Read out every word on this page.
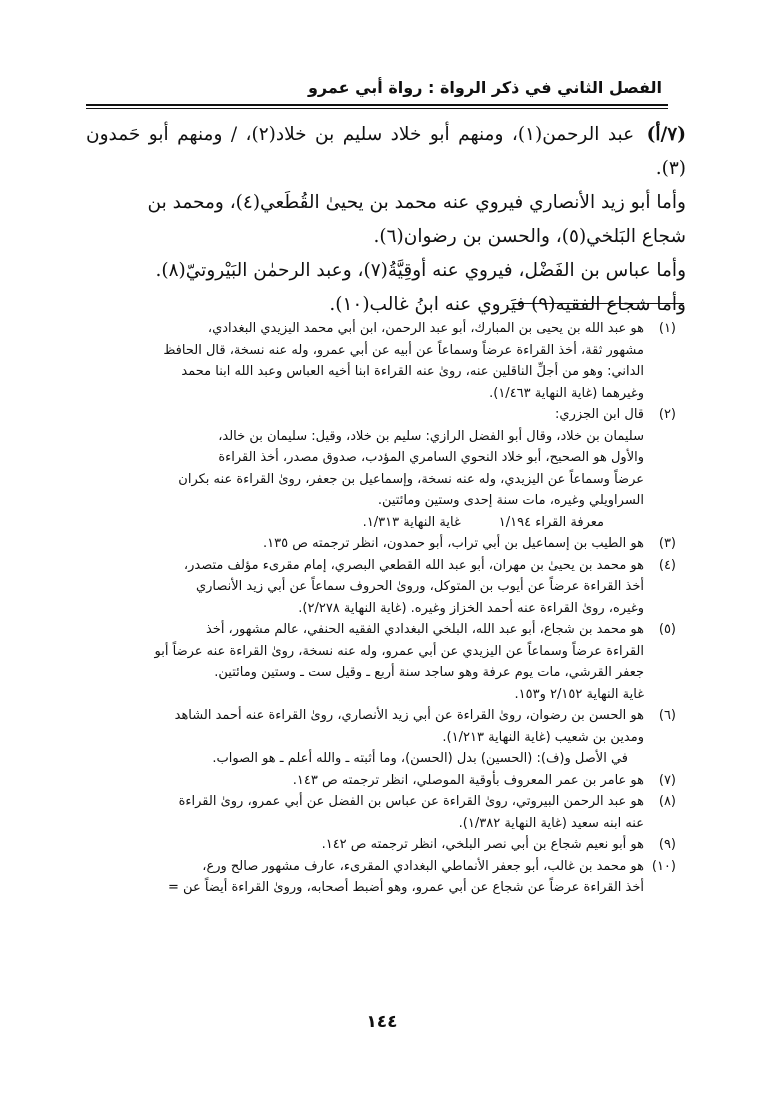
الفصل الثاني في ذكر الرواة : رواة أبي عمرو

(٧/أ) عبد الرحمن(١)، ومنهم أبو خلاد سليم بن خلاد(٢)، / ومنهم أبو حَمدون (٣).

وأما أبو زيد الأنصاري فيروي عنه محمد بن يحيىٰ القُطَعي(٤)، ومحمد بن

شجاع البَلخي(٥)، والحسن بن رضوان(٦).

وأما عباس بن الفَضْل، فيروي عنه أوقِيَّةُ(٧)، وعبد الرحمٰن البَيْروتيّ(٨).

وأما شجاع الفقيه(٩) فيَروي عنه ابنُ غالب(١٠).

(١)
هو عبد الله بن يحيى بن المبارك، أبو عبد الرحمن، ابن أبي محمد اليزيدي البغدادي،
مشهور ثقة، أخذ القراءة عرضاً وسماعاً عن أبيه عن أبي عمرو، وله عنه نسخة، قال الحافظ
الداني: وهو من أجلِّ الناقلين عنه، روىٰ عنه القراءة ابنا أخيه العباس وعبد الله ابنا محمد
وغيرهما (غاية النهاية ١/٤٦٣).
(٢)
قال ابن الجزري:
سليمان بن خلاد، وقال أبو الفضل الرازي: سليم بن خلاد، وقيل: سليمان بن خالد،
والأول هو الصحيح، أبو خلاد النحوي السامري المؤدب، صدوق مصدر، أخذ القراءة
عرضاً وسماعاً عن اليزيدي، وله عنه نسخة، وإسماعيل بن جعفر، روىٰ القراءة عنه بكران
السراويلي وغيره، مات سنة إحدى وستين ومائتين.
معرفة القراء ١/١٩٤
غاية النهاية ١/٣١٣.
(٣)
هو الطيب بن إسماعيل بن أبي تراب، أبو حمدون، انظر ترجمته ص ١٣٥.
(٤)
هو محمد بن يحيىٰ بن مهران، أبو عبد الله القطعي البصري، إمام مقرىء مؤلف متصدر،
أخذ القراءة عرضاً عن أيوب بن المتوكل، وروىٰ الحروف سماعاً عن أبي زيد الأنصاري
وغيره، روىٰ القراءة عنه أحمد الخزاز وغيره. (غاية النهاية ٢/٢٧٨).
(٥)
هو محمد بن شجاع، أبو عبد الله، البلخي البغدادي الفقيه الحنفي، عالم مشهور، أخذ
القراءة عرضاً وسماعاً عن اليزيدي عن أبي عمرو، وله عنه نسخة، روىٰ القراءة عنه عرضاً أبو
جعفر القرشي، مات يوم عرفة وهو ساجد سنة أربع ـ وقيل ست ـ وستين ومائتين.
غاية النهاية ٢/١٥٢ و١٥٣.
(٦)
هو الحسن بن رضوان، روىٰ القراءة عن أبي زيد الأنصاري، روىٰ القراءة عنه أحمد الشاهد
ومدين بن شعيب (غاية النهاية ١/٢١٣).
في الأصل و(ف): (الحسين) بدل (الحسن)، وما أثبته ـ والله أعلم ـ هو الصواب.
(٧)
هو عامر بن عمر المعروف بأوقية الموصلي، انظر ترجمته ص ١٤٣.
(٨)
هو عبد الرحمن البيروتي، روىٰ القراءة عن عباس بن الفضل عن أبي عمرو، روىٰ القراءة
عنه ابنه سعيد (غاية النهاية ١/٣٨٢).
(٩)
هو أبو نعيم شجاع بن أبي نصر البلخي، انظر ترجمته ص ١٤٢.
(١٠)
هو محمد بن غالب، أبو جعفر الأنماطي البغدادي المقرىء، عارف مشهور صالح ورع،
أخذ القراءة عرضاً عن شجاع عن أبي عمرو، وهو أضبط أصحابه، وروىٰ القراءة أيضاً عن =
١٤٤
